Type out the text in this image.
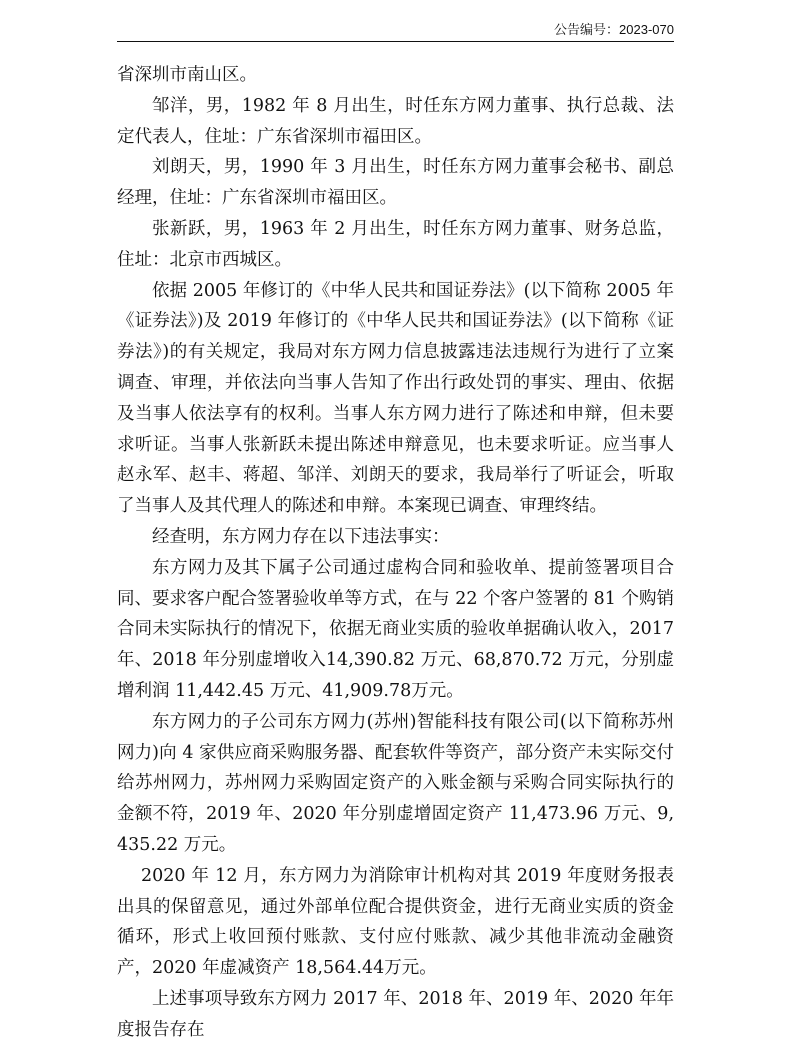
公告编号：2023-070

省深圳市南山区。

邹洋，男，1982 年 8 月出生，时任东方网力董事、执行总裁、法定代表人，住址：广东省深圳市福田区。

刘朗天，男，1990 年 3 月出生，时任东方网力董事会秘书、副总经理，住址：广东省深圳市福田区。

张新跃，男，1963 年 2 月出生，时任东方网力董事、财务总监，住址：北京市西城区。

依据 2005 年修订的《中华人民共和国证券法》(以下简称 2005 年《证券法》)及 2019 年修订的《中华人民共和国证券法》(以下简称《证券法》)的有关规定，我局对东方网力信息披露违法违规行为进行了立案调查、审理，并依法向当事人告知了作出行政处罚的事实、理由、依据及当事人依法享有的权利。当事人东方网力进行了陈述和申辩，但未要求听证。当事人张新跃未提出陈述申辩意见，也未要求听证。应当事人赵永军、赵丰、蒋超、邹洋、刘朗天的要求，我局举行了听证会，听取了当事人及其代理人的陈述和申辩。本案现已调查、审理终结。

经查明，东方网力存在以下违法事实：

东方网力及其下属子公司通过虚构合同和验收单、提前签署项目合同、要求客户配合签署验收单等方式，在与 22 个客户签署的 81 个购销合同未实际执行的情况下，依据无商业实质的验收单据确认收入，2017 年、2018 年分别虚增收入14,390.82 万元、68,870.72 万元，分别虚增利润 11,442.45 万元、41,909.78万元。

东方网力的子公司东方网力(苏州)智能科技有限公司(以下简称苏州网力)向 4 家供应商采购服务器、配套软件等资产，部分资产未实际交付给苏州网力，苏州网力采购固定资产的入账金额与采购合同实际执行的金额不符，2019 年、2020 年分别虚增固定资产 11,473.96 万元、9,435.22 万元。

2020 年 12 月，东方网力为消除审计机构对其 2019 年度财务报表出具的保留意见，通过外部单位配合提供资金，进行无商业实质的资金循环，形式上收回预付账款、支付应付账款、减少其他非流动金融资产，2020 年虚减资产 18,564.44万元。

上述事项导致东方网力 2017 年、2018 年、2019 年、2020 年年度报告存在
